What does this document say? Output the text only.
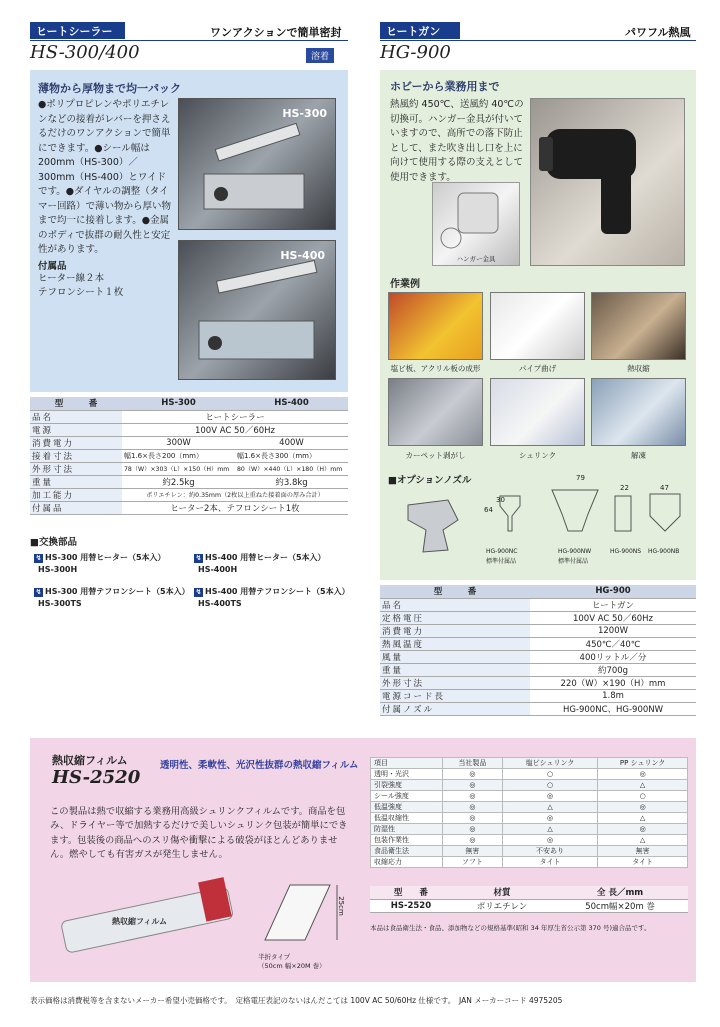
ヒートシーラー	ワンアクションで簡単密封
HS-300/400	溶着
薄物から厚物まで均一パック
●ポリプロピレンやポリエチレンなどの接着がレバーを押さえるだけのワンアクションで簡単にできます。●シール幅は200mm（HS-300）／300mm（HS-400）とワイドです。●ダイヤルの調整（タイマー回路）で薄い物から厚い物まで均一に接着します。●金属のボディで抜群の耐久性と安定性があります。
付属品
ヒーター線２本
テフロンシート１枚
HS-300
HS-400
型　　　番	HS-300	HS-400
品名	ヒートシーラー	
電源	100V AC 50／60Hz	
消費電力	300W	400W
接着寸法	幅1.6×長さ200（mm）	幅1.6×長さ300（mm）
外形寸法	78（W）×303（L）×150（H）mm	80（W）×440（L）×180（H）mm
重量	約2.5kg	約3.8kg
加工能力	ポリエチレン：約0.35mm（2枚以上重ねた接着面の厚み合計）	
付属品	ヒーター2本、テフロンシート1枚	
■交換部品
↯ HS-300 用替ヒーター（5本入）
HS-300H
↯ HS-400 用替ヒーター（5本入）
HS-400H
↯ HS-300 用替テフロンシート（5本入）
HS-300TS
↯ HS-400 用替テフロンシート（5本入）
HS-400TS
ヒートガン	パワフル熱風
HG-900
ホビーから業務用まで
熱風約 450℃、送風約 40℃の切換可。ハンガー金具が付いていますので、高所での落下防止として、また吹き出し口を上に向けて使用する際の支えとして使用できます。
ハンガー金具
作業例
塩ビ板、アクリル板の成形	パイプ曲げ	熱収縮
カーペット剥がし	シュリンク	解凍
■オプションノズル	79
22	47
64
30
HG-900NC
標準付属品
HG-900NW
標準付属品
HG-900NS HG-900NB
型　　　番	HG-900
品名	ヒートガン
定格電圧	100V AC 50／60Hz
消費電力	1200W
熱風温度	450℃／40℃
風量	400リットル／分
重量	約700g
外形寸法	220（W）×190（H）mm
電源コード長	1.8m
付属ノズル	HG-900NC、HG-900NW
熱収縮フィルム
HS-2520
透明性、柔軟性、光沢性抜群の熱収縮フィルム
この製品は熱で収縮する業務用高級シュリンクフィルムです。商品を包み、ドライヤー等で加熱するだけで美しいシュリンク包装が簡単にできます。包装後の商品へのスリ傷や衝撃による破袋がほとんどありません。燃やしても有害ガスが発生しません。
熱収縮フィルム
25cm
半折タイプ
（50cm 幅×20M 巻）
項目	当社製品	塩ビシュリンク	PP シュリンク
透明・光沢	◎	○	◎
引裂強度	◎	○	△
シール強度	◎	◎	○
低温強度	◎	△	◎
低温収縮性	◎	◎	△
防湿性	◎	△	◎
包装作業性	◎	◎	△
食品衛生法	無害	不安あり	無害
収縮応力	ソフト	タイト	タイト
型　　番	材質	全 長／mm
HS-2520	ポリエチレン	50cm幅×20m 巻
本品は食品衛生法・食品、添加物などの規格基準(昭和 34 年厚生省公示第 370 号)適合品です。
表示価格は消費税等を含まないメーカー希望小売価格です。　定格電圧表記のないはんだこては 100V AC 50/60Hz 仕様です。　JAN メーカーコード 4975205
